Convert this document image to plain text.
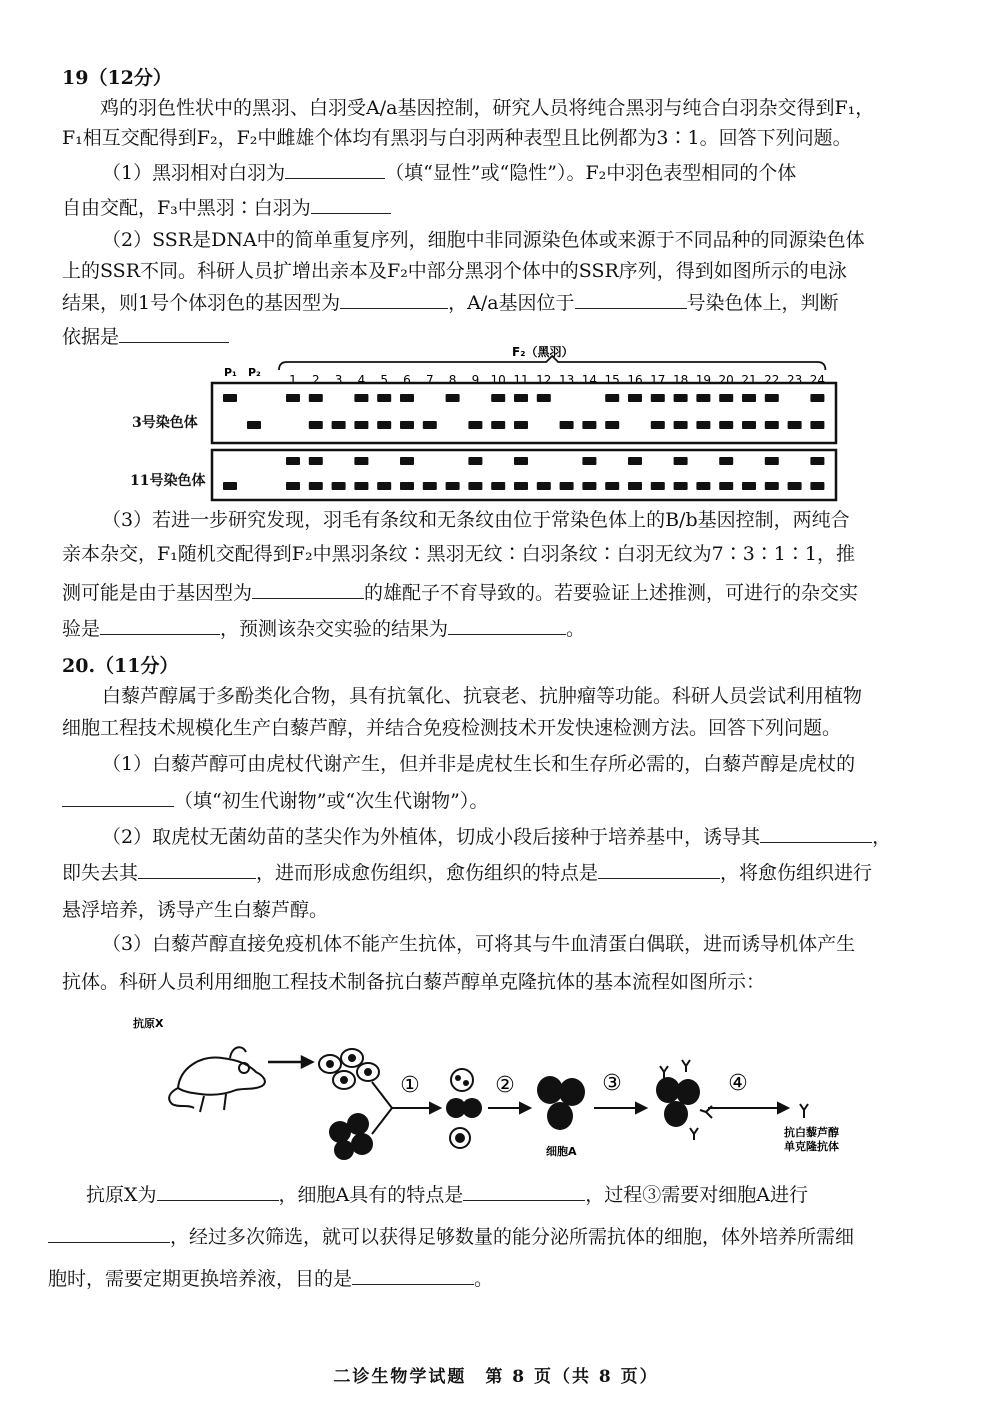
19（12分）
鸡的羽色性状中的黑羽、白羽受A/a基因控制，研究人员将纯合黑羽与纯合白羽杂交得到F₁，
F₁相互交配得到F₂，F₂中雌雄个体均有黑羽与白羽两种表型且比例都为3∶1。回答下列问题。
（1）黑羽相对白羽为	（填“显性”或“隐性”）。F₂中羽色表型相同的个体
自由交配，F₃中黑羽∶白羽为
（2）SSR是DNA中的简单重复序列，细胞中非同源染色体或来源于不同品种的同源染色体
上的SSR不同。科研人员扩增出亲本及F₂中部分黑羽个体中的SSR序列，得到如图所示的电泳
结果，则1号个体羽色的基因型为	，A/a基因位于	号染色体上，判断
依据是
F₂（黑羽）
P₁ P₂
1 2 3 4 5 6 7 8 9 10 11 12 13 14 15 16 17 18 19 20 21 22 23 24
3号染色体
11号染色体
（3）若进一步研究发现，羽毛有条纹和无条纹由位于常染色体上的B/b基因控制，两纯合
亲本杂交，F₁随机交配得到F₂中黑羽条纹∶黑羽无纹∶白羽条纹∶白羽无纹为7∶3∶1∶1，推
测可能是由于基因型为	的雄配子不育导致的。若要验证上述推测，可进行的杂交实
验是	，预测该杂交实验的结果为	。
20.（11分）
白藜芦醇属于多酚类化合物，具有抗氧化、抗衰老、抗肿瘤等功能。科研人员尝试利用植物
细胞工程技术规模化生产白藜芦醇，并结合免疫检测技术开发快速检测方法。回答下列问题。
（1）白藜芦醇可由虎杖代谢产生，但并非是虎杖生长和生存所必需的，白藜芦醇是虎杖的
（填“初生代谢物”或“次生代谢物”）。
（2）取虎杖无菌幼苗的茎尖作为外植体，切成小段后接种于培养基中，诱导其	，
即失去其	，进而形成愈伤组织，愈伤组织的特点是	，将愈伤组织进行
悬浮培养，诱导产生白藜芦醇。
（3）白藜芦醇直接免疫机体不能产生抗体，可将其与牛血清蛋白偶联，进而诱导机体产生
抗体。科研人员利用细胞工程技术制备抗白藜芦醇单克隆抗体的基本流程如图所示：
抗原X
①	②	③	④
细胞A
抗白藜芦醇
单克隆抗体
抗原X为	，细胞A具有的特点是	，过程③需要对细胞A进行
，经过多次筛选，就可以获得足够数量的能分泌所需抗体的细胞，体外培养所需细
胞时，需要定期更换培养液，目的是	。
二诊生物学试题　第 8 页（共 8 页）
